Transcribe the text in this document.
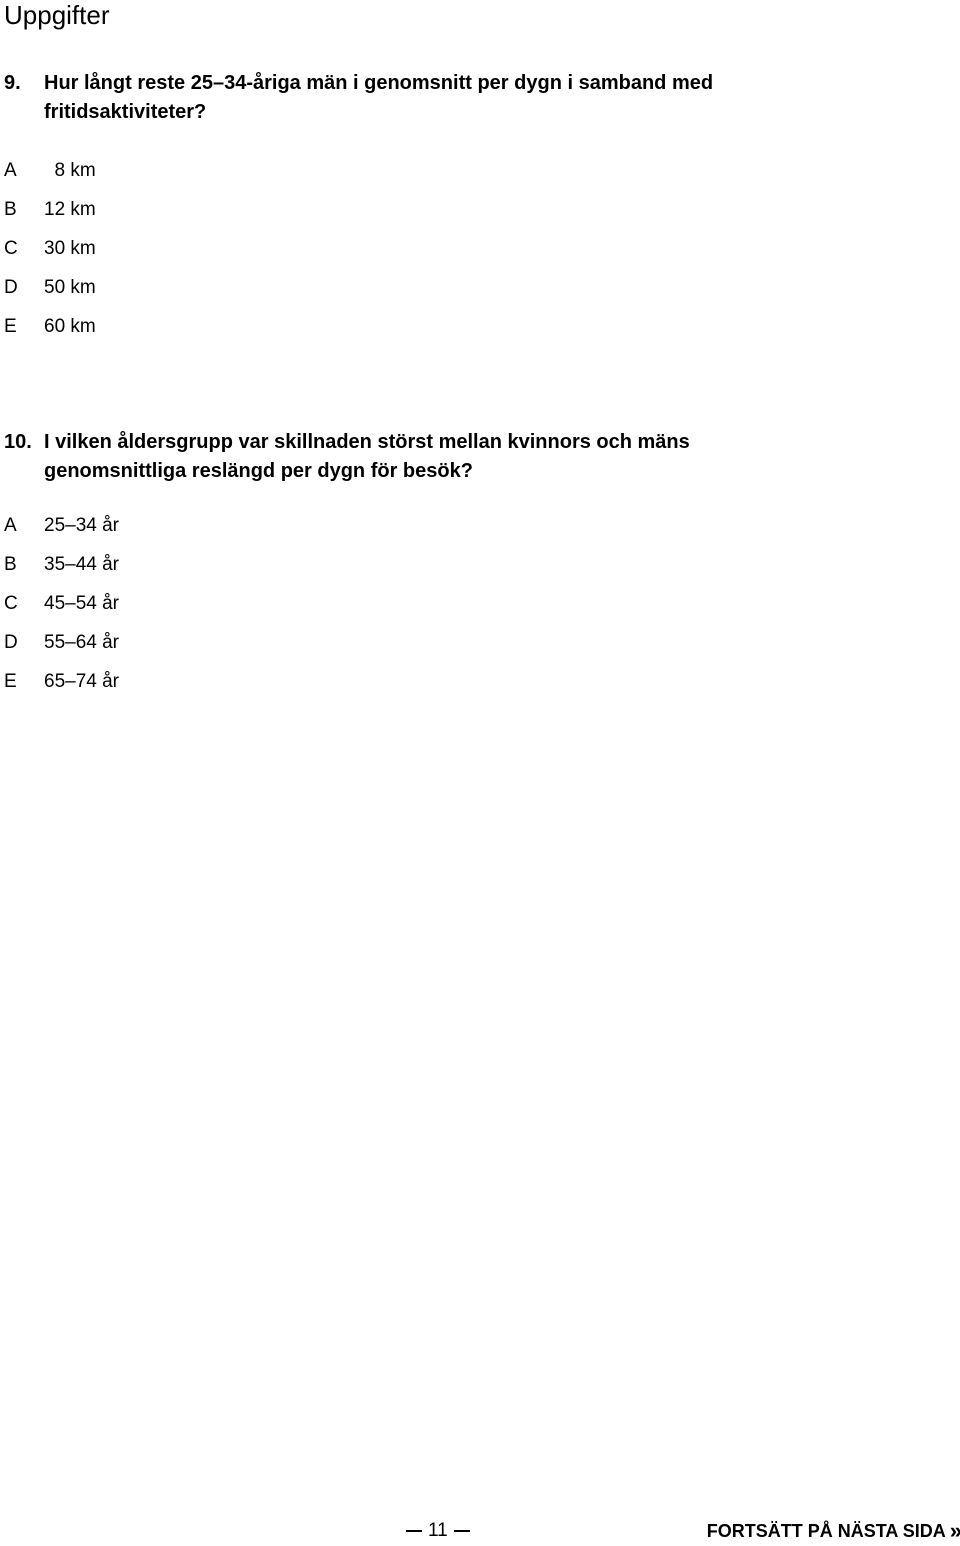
Uppgifter
9. Hur långt reste 25–34-åriga män i genomsnitt per dygn i samband med fritidsaktiviteter?
A 8 km
B 12 km
C 30 km
D 50 km
E 60 km
10. I vilken åldersgrupp var skillnaden störst mellan kvinnors och mäns genomsnittliga reslängd per dygn för besök?
A 25–34 år
B 35–44 år
C 45–54 år
D 55–64 år
E 65–74 år
11	FORTSÄTT PÅ NÄSTA SIDA »
